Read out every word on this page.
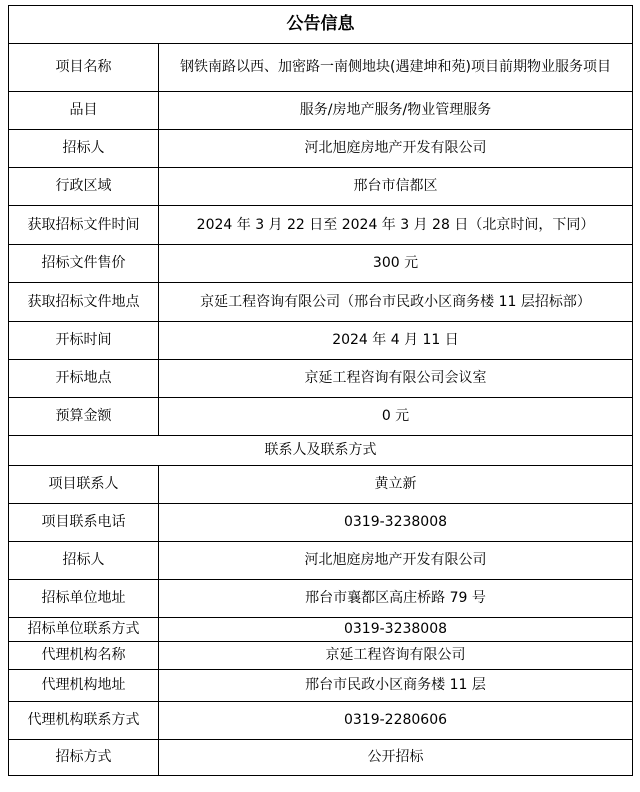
公告信息	
项目名称	钢铁南路以西、加密路一南侧地块(遇建坤和苑)项目前期物业服务项目
品目	服务/房地产服务/物业管理服务
招标人	河北旭庭房地产开发有限公司
行政区域	邢台市信都区
获取招标文件时间	2024 年 3 月 22 日至 2024 年 3 月 28 日（北京时间，下同）
招标文件售价	300 元
获取招标文件地点	京延工程咨询有限公司（邢台市民政小区商务楼 11 层招标部）
开标时间	2024 年 4 月 11 日
开标地点	京延工程咨询有限公司会议室
预算金额	0 元
联系人及联系方式	
项目联系人	黄立新
项目联系电话	0319-3238008
招标人	河北旭庭房地产开发有限公司
招标单位地址	邢台市襄都区高庄桥路 79 号
招标单位联系方式	0319-3238008
代理机构名称	京延工程咨询有限公司
代理机构地址	邢台市民政小区商务楼 11 层
代理机构联系方式	0319-2280606
招标方式	公开招标
